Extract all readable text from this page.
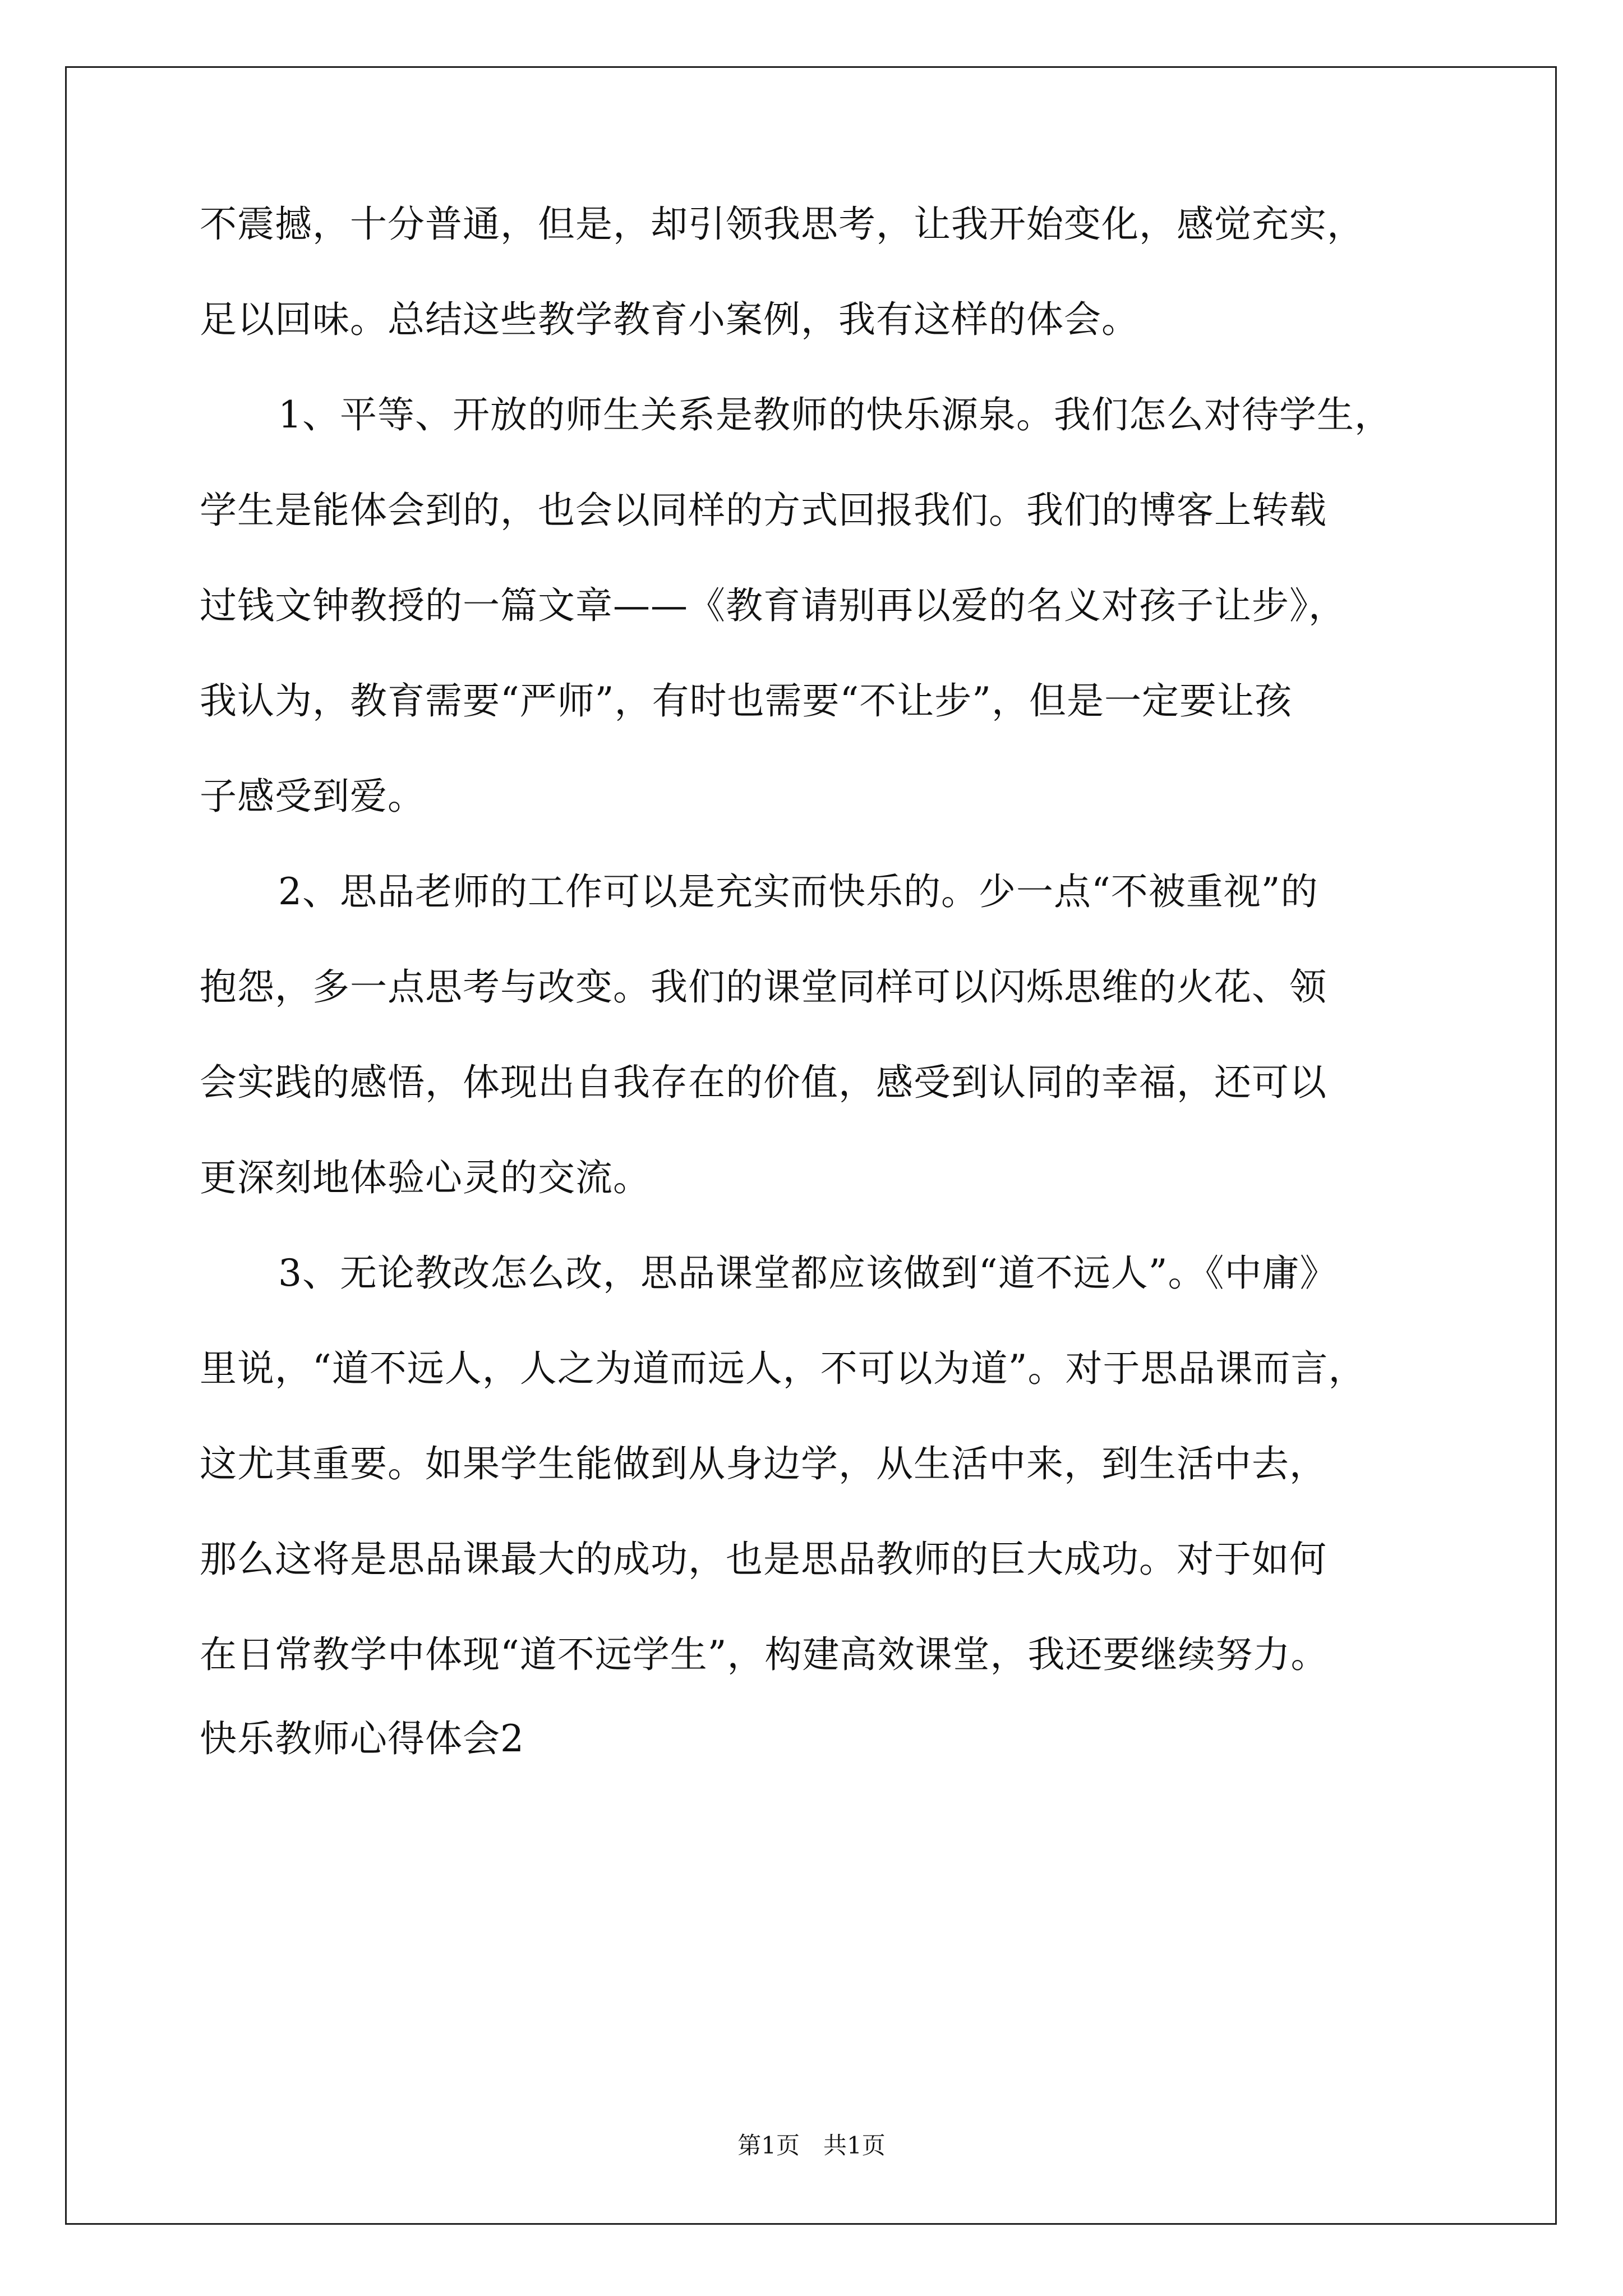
不震撼，十分普通，但是，却引领我思考，让我开始变化，感觉充实，
足以回味。总结这些教学教育小案例，我有这样的体会。
1、平等、开放的师生关系是教师的快乐源泉。我们怎么对待学生，
学生是能体会到的，也会以同样的方式回报我们。我们的博客上转载
过钱文钟教授的一篇文章——《教育请别再以爱的名义对孩子让步》，
我认为，教育需要“严师”，有时也需要“不让步”，但是一定要让孩
子感受到爱。
2、思品老师的工作可以是充实而快乐的。少一点“不被重视”的
抱怨，多一点思考与改变。我们的课堂同样可以闪烁思维的火花、领
会实践的感悟，体现出自我存在的价值，感受到认同的幸福，还可以
更深刻地体验心灵的交流。
3、无论教改怎么改，思品课堂都应该做到“道不远人”。《中庸》
里说，“道不远人，人之为道而远人，不可以为道”。对于思品课而言，
这尤其重要。如果学生能做到从身边学，从生活中来，到生活中去，
那么这将是思品课最大的成功，也是思品教师的巨大成功。对于如何
在日常教学中体现“道不远学生”，构建高效课堂，我还要继续努力。
快乐教师心得体会2
第1页　共1页
